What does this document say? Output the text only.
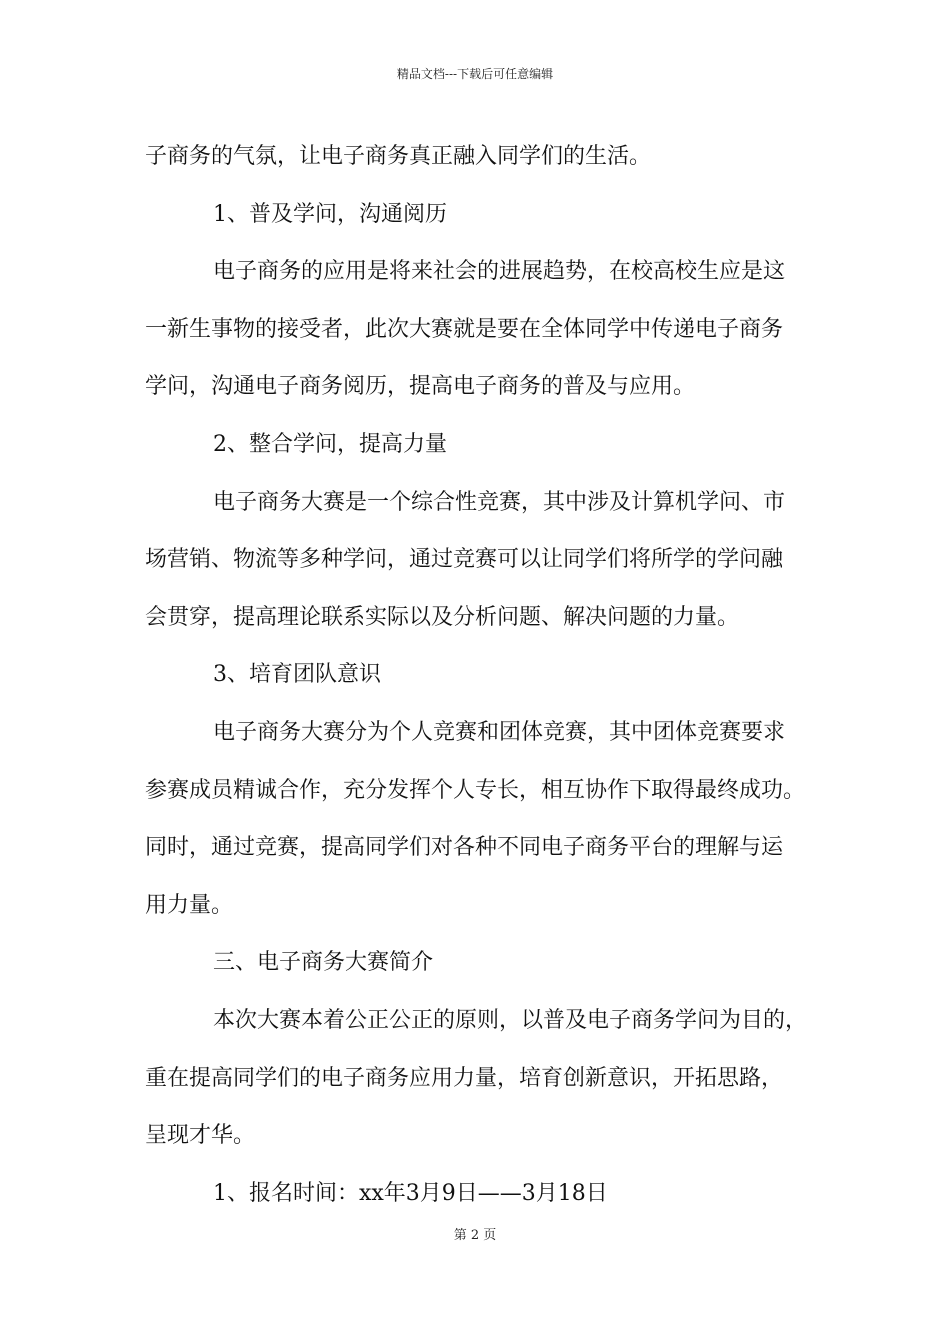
精品文档---下载后可任意编辑
子商务的气氛，让电子商务真正融入同学们的生活。
1、普及学问，沟通阅历
电子商务的应用是将来社会的进展趋势，在校高校生应是这
一新生事物的接受者，此次大赛就是要在全体同学中传递电子商务
学问，沟通电子商务阅历，提高电子商务的普及与应用。
2、整合学问，提高力量
电子商务大赛是一个综合性竞赛，其中涉及计算机学问、市
场营销、物流等多种学问，通过竞赛可以让同学们将所学的学问融
会贯穿，提高理论联系实际以及分析问题、解决问题的力量。
3、培育团队意识
电子商务大赛分为个人竞赛和团体竞赛，其中团体竞赛要求
参赛成员精诚合作，充分发挥个人专长，相互协作下取得最终成功。
同时，通过竞赛，提高同学们对各种不同电子商务平台的理解与运
用力量。
三、电子商务大赛简介
本次大赛本着公正公正的原则，以普及电子商务学问为目的，
重在提高同学们的电子商务应用力量，培育创新意识，开拓思路，
呈现才华。
1、报名时间：xx年3月9日——3月18日
第 2 页
